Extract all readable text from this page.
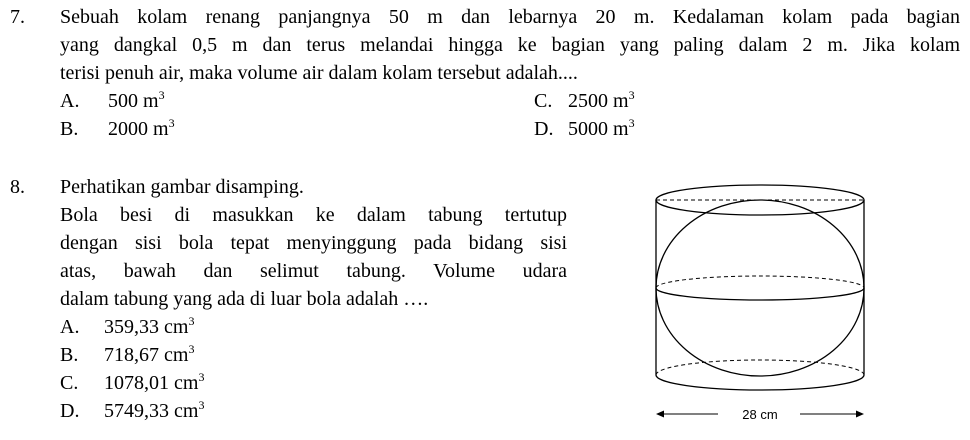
7. Sebuah kolam renang panjangnya 50 m dan lebarnya 20 m. Kedalaman kolam pada bagian
yang dangkal 0,5 m dan terus melandai hingga ke bagian yang paling dalam 2 m. Jika kolam
terisi penuh air, maka volume air dalam kolam tersebut adalah....
A. 500 $m^3$
B. 2000 $m^3$
C. 2500 $m^3$
D. 5000 $m^3$
8. Perhatikan gambar disamping.
Bola besi di masukkan ke dalam tabung tertutup
dengan sisi bola tepat menyinggung pada bidang sisi
atas, bawah dan selimut tabung. Volume udara
dalam tabung yang ada di luar bola adalah ….
A. 359,33 $cm^3$
B. 718,67 $cm^3$
C. 1078,01 $cm^3$
D. 5749,33 $cm^3$
28 cm
